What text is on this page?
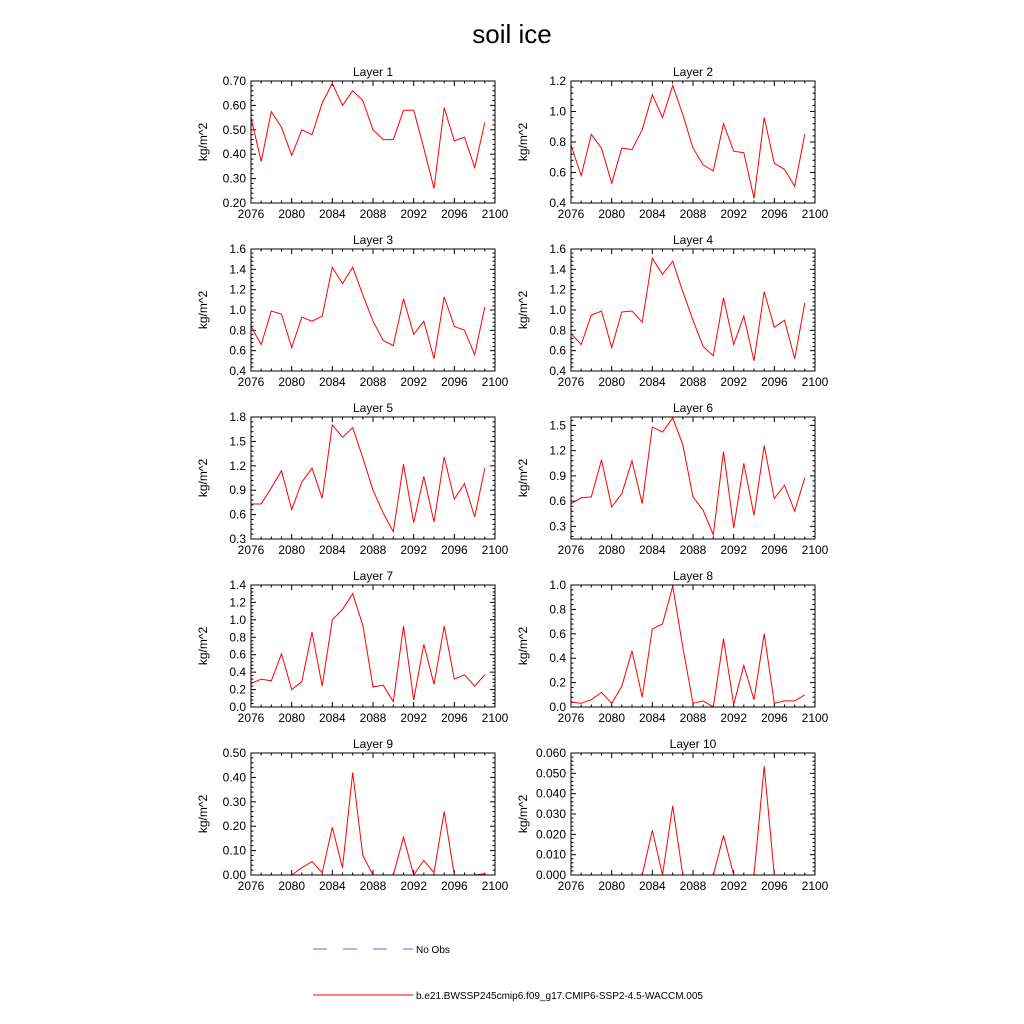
soil ice
Layer 1
kg/m^2
2076 2080 2084 2088 2092 2096 2100
0.20
0.30
0.40
0.50
0.60
0.70
Layer 2
kg/m^2
2076 2080 2084 2088 2092 2096 2100
0.4
0.6
0.8
1.0
1.2
Layer 3
kg/m^2
2076 2080 2084 2088 2092 2096 2100
0.4
0.6
0.8
1.0
1.2
1.4
1.6
Layer 4
kg/m^2
2076 2080 2084 2088 2092 2096 2100
0.4
0.6
0.8
1.0
1.2
1.4
1.6
Layer 5
kg/m^2
2076 2080 2084 2088 2092 2096 2100
0.3
0.6
0.9
1.2
1.5
1.8
Layer 6
kg/m^2
2076 2080 2084 2088 2092 2096 2100
0.3
0.6
0.9
1.2
1.5
Layer 7
kg/m^2
2076 2080 2084 2088 2092 2096 2100
0.0
0.2
0.4
0.6
0.8
1.0
1.2
1.4
Layer 8
kg/m^2
2076 2080 2084 2088 2092 2096 2100
0.0
0.2
0.4
0.6
0.8
1.0
Layer 9
kg/m^2
2076 2080 2084 2088 2092 2096 2100
0.00
0.10
0.20
0.30
0.40
0.50
Layer 10
kg/m^2
2076 2080 2084 2088 2092 2096 2100
0.000
0.010
0.020
0.030
0.040
0.050
0.060
No Obs
b.e21.BWSSP245cmip6.f09_g17.CMIP6-SSP2-4.5-WACCM.005
